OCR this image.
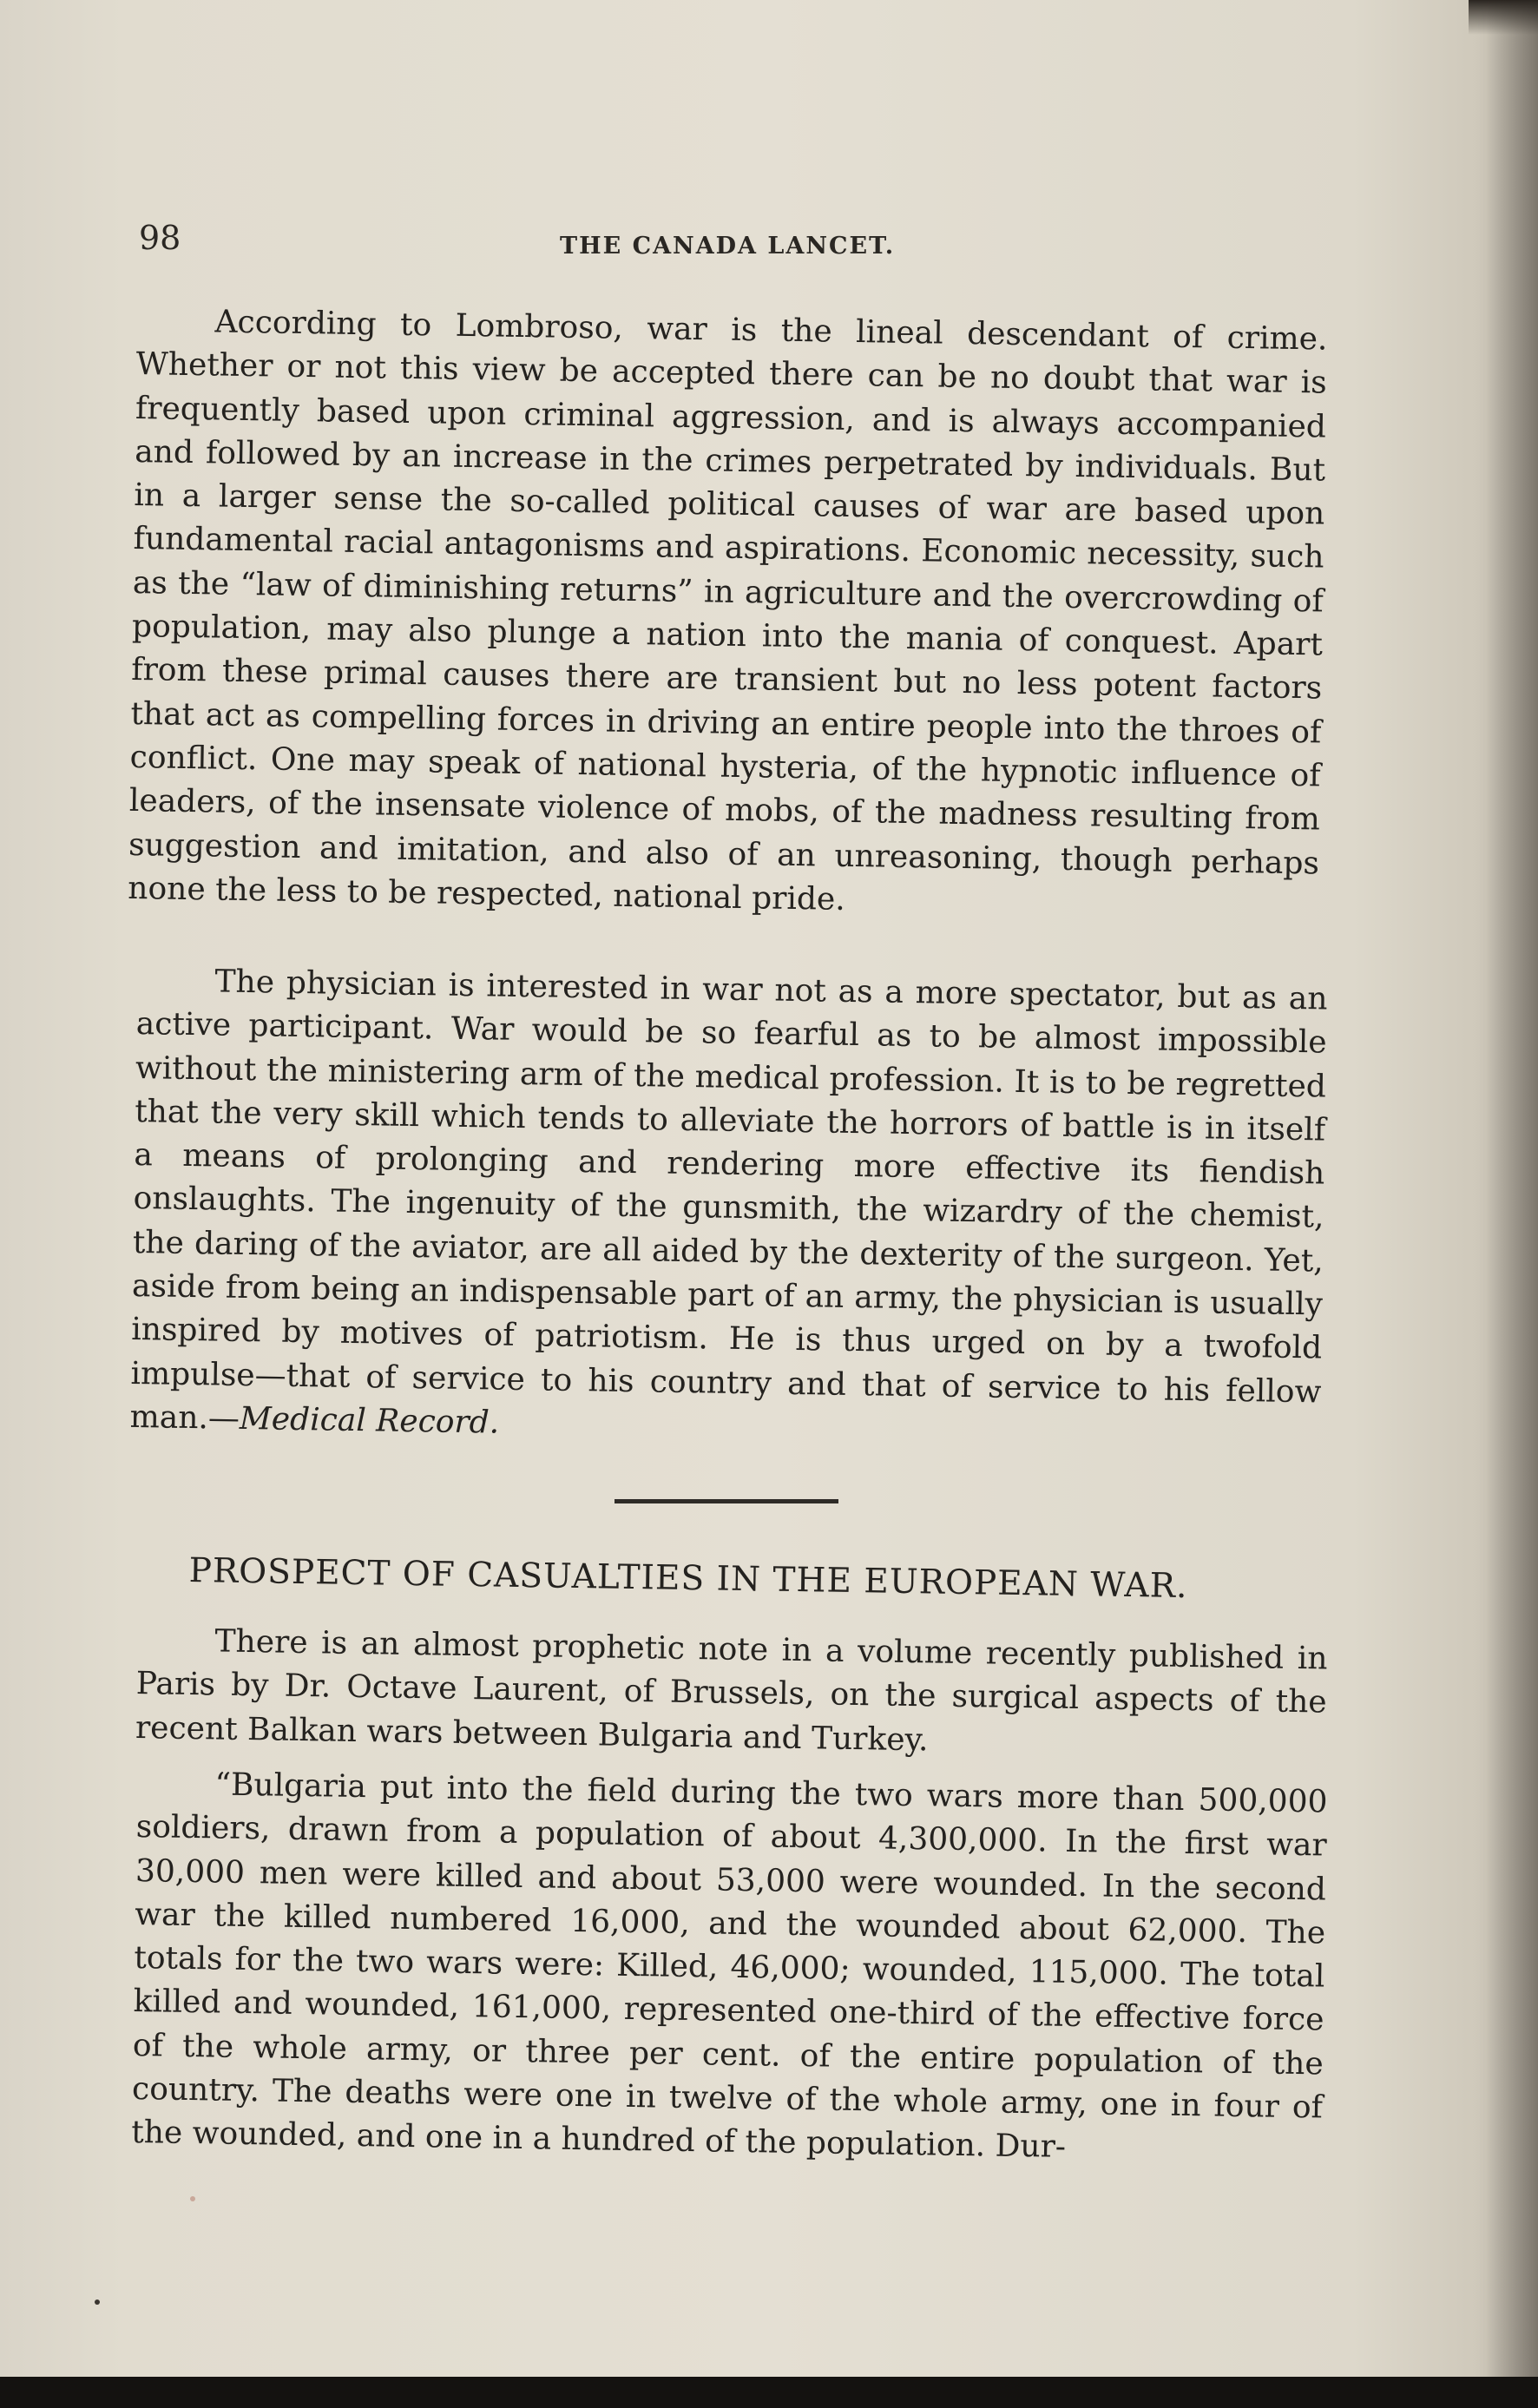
98	THE CANADA LANCET.

According to Lombroso, war is the lineal descendant of crime. Whether or not this view be accepted there can be no doubt that war is frequently based upon criminal aggression, and is always accompanied and followed by an increase in the crimes perpetrated by individuals. But in a larger sense the so-called political causes of war are based upon fundamental racial antagonisms and aspirations. Economic necessity, such as the “law of diminishing returns” in agriculture and the overcrowding of population, may also plunge a nation into the mania of conquest. Apart from these primal causes there are transient but no less potent factors that act as compelling forces in driving an entire people into the throes of conflict. One may speak of national hysteria, of the hypnotic influence of leaders, of the insensate violence of mobs, of the madness resulting from suggestion and imitation, and also of an unreasoning, though perhaps none the less to be respected, national pride.

The physician is interested in war not as a more spectator, but as an active participant. War would be so fearful as to be almost impossible without the ministering arm of the medical profession. It is to be regretted that the very skill which tends to alleviate the horrors of battle is in itself a means of prolonging and rendering more effective its fiendish onslaughts. The ingenuity of the gunsmith, the wizardry of the chemist, the daring of the aviator, are all aided by the dexterity of the surgeon. Yet, aside from being an indispensable part of an army, the physician is usually inspired by motives of patriotism. He is thus urged on by a twofold impulse—that of service to his country and that of service to his fellow man.—Medical Record.

PROSPECT OF CASUALTIES IN THE EUROPEAN WAR.

There is an almost prophetic note in a volume recently published in Paris by Dr. Octave Laurent, of Brussels, on the surgical aspects of the recent Balkan wars between Bulgaria and Turkey.

“Bulgaria put into the field during the two wars more than 500,000 soldiers, drawn from a population of about 4,300,000. In the first war 30,000 men were killed and about 53,000 were wounded. In the second war the killed numbered 16,000, and the wounded about 62,000. The totals for the two wars were: Killed, 46,000; wounded, 115,000. The total killed and wounded, 161,000, represented one-third of the effective force of the whole army, or three per cent. of the entire population of the country. The deaths were one in twelve of the whole army, one in four of the wounded, and one in a hundred of the population. Dur-
